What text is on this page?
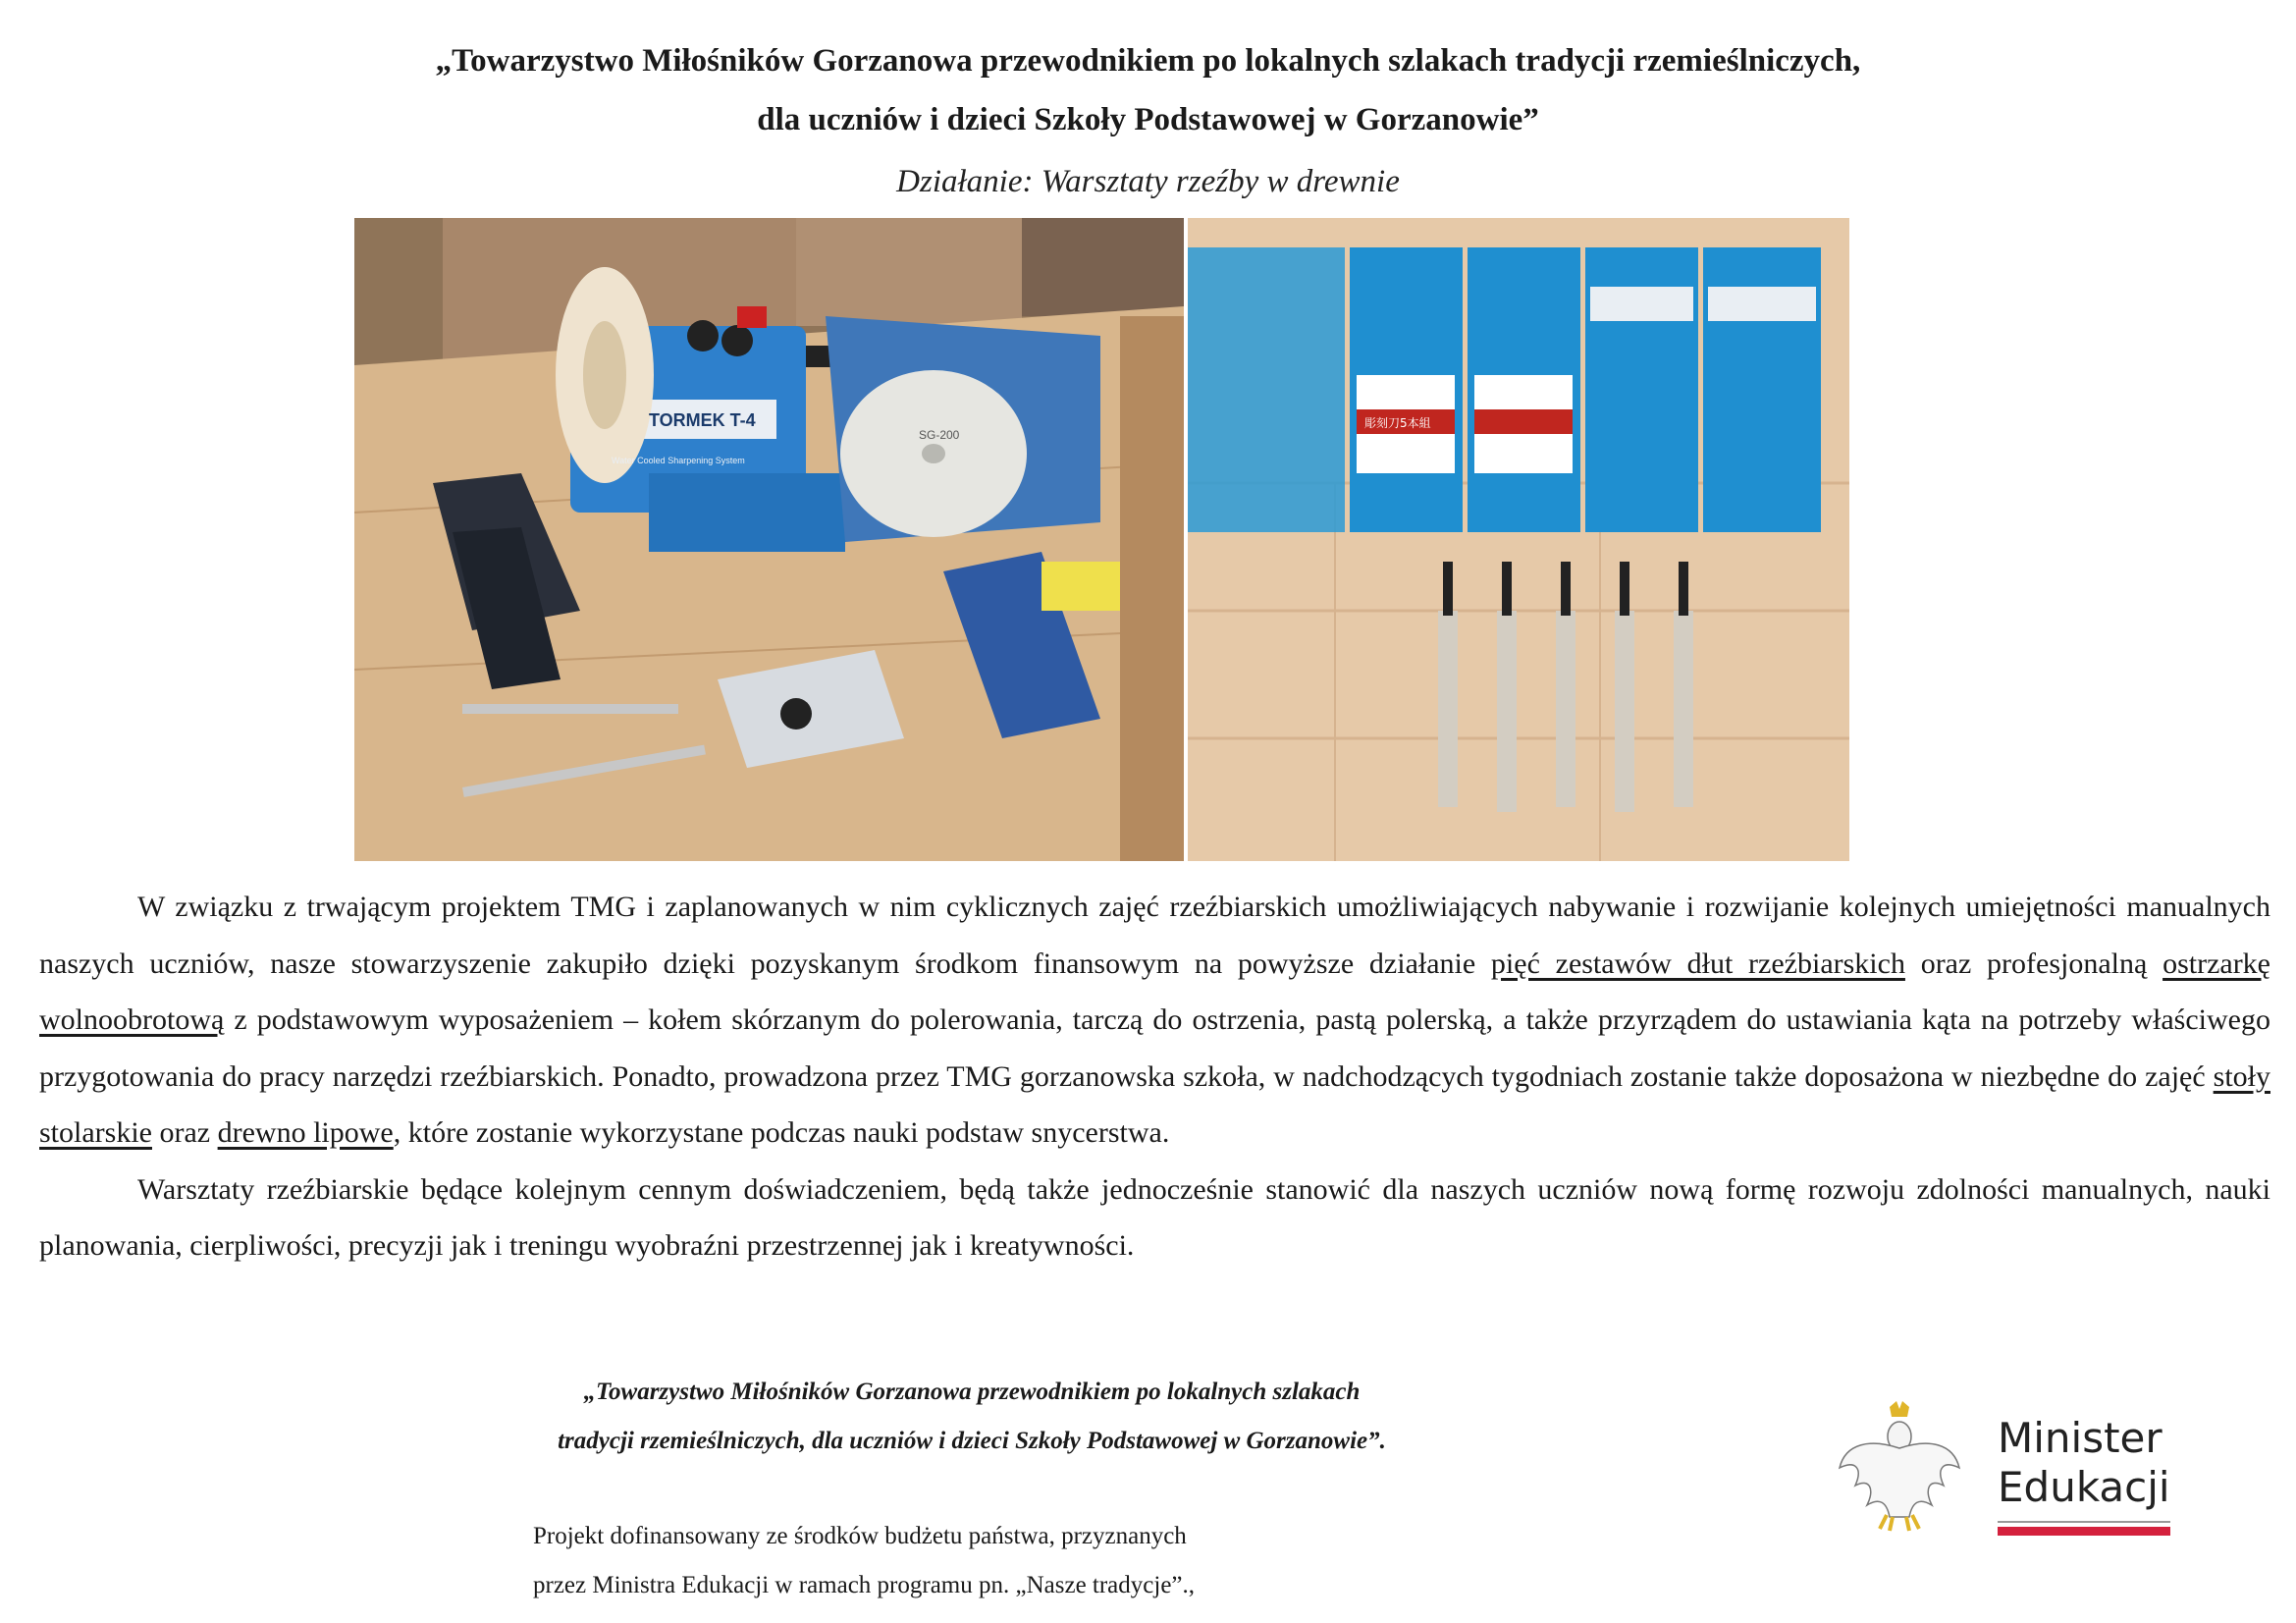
„Towarzystwo Miłośników Gorzanowa przewodnikiem po lokalnych szlakach tradycji rzemieślniczych,
dla uczniów i dzieci Szkoły Podstawowej w Gorzanowie”
Działanie: Warsztaty rzeźby w drewnie
TORMEK T-4
Water Cooled Sharpening System
SG-200
彫刻刀5本組

W związku z trwającym projektem TMG i zaplanowanych w nim cyklicznych zajęć rzeźbiarskich umożliwiających nabywanie i rozwijanie kolejnych umiejętności manualnych naszych uczniów, nasze stowarzyszenie zakupiło dzięki pozyskanym środkom finansowym na powyższe działanie pięć zestawów dłut rzeźbiarskich oraz profesjonalną ostrzarkę wolnoobrotową z podstawowym wyposażeniem – kołem skórzanym do polerowania, tarczą do ostrzenia, pastą polerską, a także przyrządem do ustawiania kąta na potrzeby właściwego przygotowania do pracy narzędzi rzeźbiarskich. Ponadto, prowadzona przez TMG gorzanowska szkoła, w nadchodzących tygodniach zostanie także doposażona w niezbędne do zajęć stoły stolarskie oraz drewno lipowe, które zostanie wykorzystane podczas nauki podstaw snycerstwa.

Warsztaty rzeźbiarskie będące kolejnym cennym doświadczeniem, będą także jednocześnie stanowić dla naszych uczniów nową formę rozwoju zdolności manualnych, nauki planowania, cierpliwości, precyzji jak i treningu wyobraźni przestrzennej jak i kreatywności.

„Towarzystwo Miłośników Gorzanowa przewodnikiem po lokalnych szlakach
tradycji rzemieślniczych, dla uczniów i dzieci Szkoły Podstawowej w Gorzanowie”.
Projekt dofinansowany ze środków budżetu państwa, przyznanych
przez Ministra Edukacji w ramach programu pn. „Nasze tradycje”.,
Minister
Edukacji
